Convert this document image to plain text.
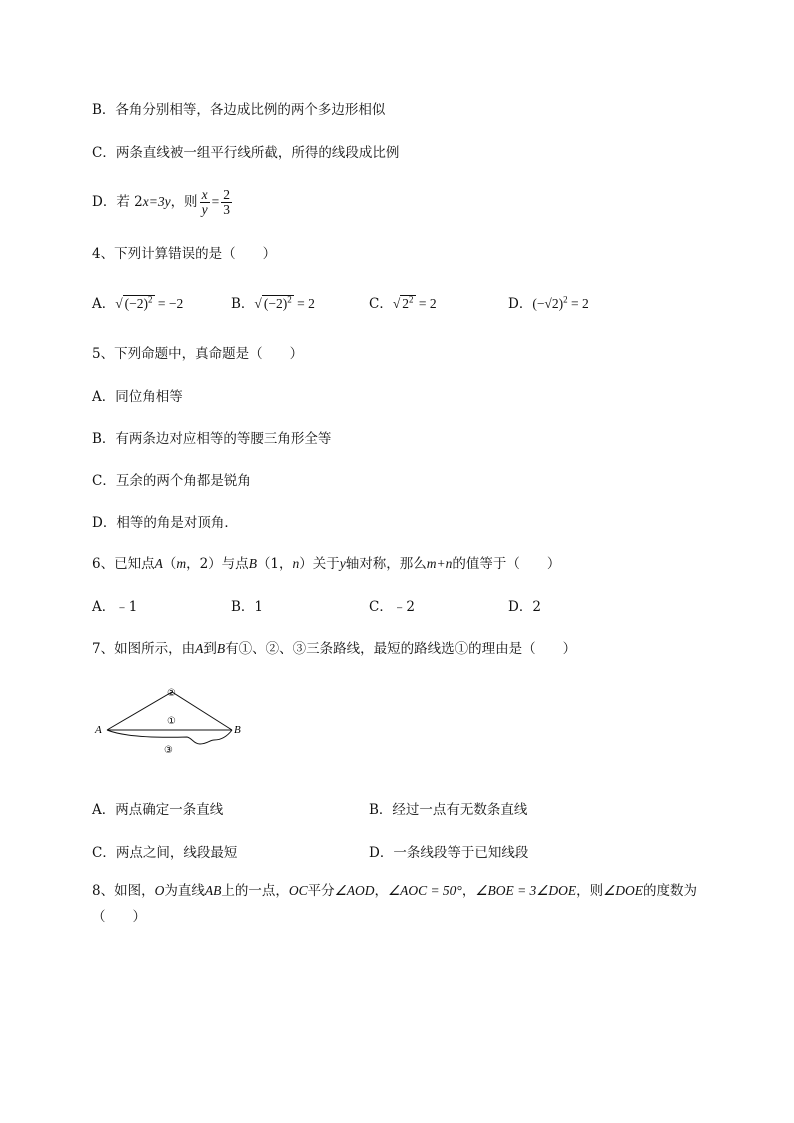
B．各角分别相等，各边成比例的两个多边形相似
C．两条直线被一组平行线所截，所得的线段成比例
D．若 2x=3y，则 $\frac{x}{y} = \frac{2}{3}$
4、下列计算错误的是（　　）
A．√ $(-2)^2 = -2$	B．√ $(-2)^2 = 2$	C．√ $2^2 = 2$	D．$(-√2)^2 = 2$
5、下列命题中，真命题是（　　）
A．同位角相等
B．有两条边对应相等的等腰三角形全等
C．互余的两个角都是锐角
D．相等的角是对顶角．
6、已知点A（m，2）与点B（1，n）关于y轴对称，那么m+n的值等于（　　）
A．﹣1	B．1	C．﹣2	D．2
7、如图所示，由A到B有①、②、③三条路线，最短的路线选①的理由是（　　）
A	B
②
①
③
A．两点确定一条直线	B．经过一点有无数条直线
C．两点之间，线段最短	D．一条线段等于已知线段
8、如图，O为直线AB上的一点，OC平分∠AOD，∠AOC = 50°，∠BOE = 3∠DOE，则∠DOE的度数为（　　）
